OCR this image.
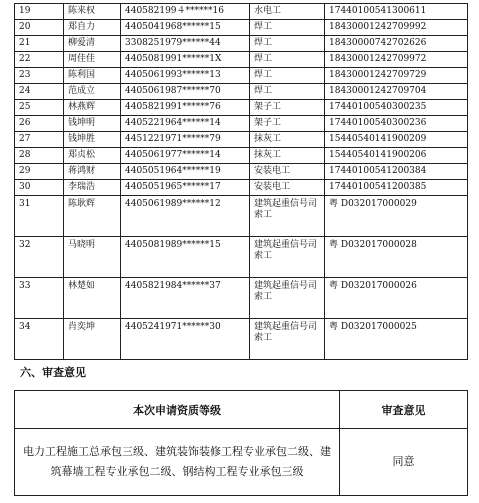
19	陈来权	440582199４******16	水电工	17440100541300611
20	郑自力	4405041968******15	焊工	18430001242709992
21	柳爱清	3308251979******44	焊工	18430000742702626
22	周佳佳	4405081991******1X	焊工	18430001242709972
23	陈利国	4405061993******13	焊工	18430001242709729
24	范成立	4405061987******70	焊工	18430001242709704
25	林燕辉	4405821991******76	架子工	17440100540300235
26	钱坤明	4405221964******14	架子工	17440100540300236
27	钱坤胜	4451221971******79	抹灰工	15440540141900209
28	郑贞松	4405061977******14	抹灰工	15440540141900206
29	蒋鸿财	4405051964******19	安装电工	17440100541200384
30	李瑞浩	4405051965******17	安装电工	17440100541200385
31	陈耿辉	4405061989******12	建筑起重信号司索工	粤 D032017000029
32	马晓明	4405081989******15	建筑起重信号司索工	粤 D032017000028
33	林楚如	4405821984******37	建筑起重信号司索工	粤 D032017000026
34	肖奕坤	4405241971******30	建筑起重信号司索工	粤 D032017000025
六、审查意见
本次申请资质等级	审查意见
电力工程施工总承包三级、建筑装饰装修工程专业承包二级、建筑幕墙工程专业承包二级、钢结构工程专业承包三级	同意
